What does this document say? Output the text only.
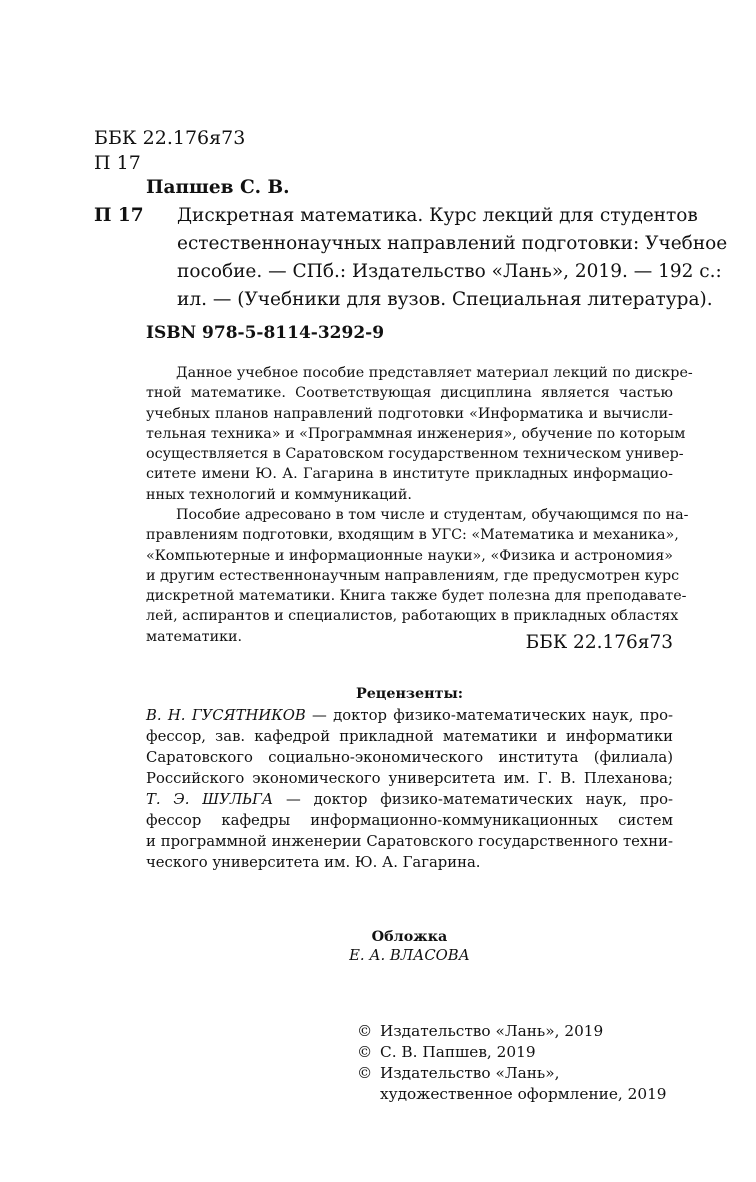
ББК 22.176я73
П 17
Папшев С. В.
П 17 Дискретная математика. Курс лекций для студентов
естественнонаучных направлений подготовки: Учебное
пособие. — СПб.: Издательство «Лань», 2019. — 192 с.:
ил. — (Учебники для вузов. Специальная литература).
ISBN 978-5-8114-3292-9
Данное учебное пособие представляет материал лекций по дискре-
тной математике. Соответствующая дисциплина является частью
учебных планов направлений подготовки «Информатика и вычисли-
тельная техника» и «Программная инженерия», обучение по которым
осуществляется в Саратовском государственном техническом универ-
ситете имени Ю. А. Гагарина в институте прикладных информацио-
нных технологий и коммуникаций.
Пособие адресовано в том числе и студентам, обучающимся по на-
правлениям подготовки, входящим в УГС: «Математика и механика»,
«Компьютерные и информационные науки», «Физика и астрономия»
и другим естественнонаучным направлениям, где предусмотрен курс
дискретной математики. Книга также будет полезна для преподавате-
лей, аспирантов и специалистов, работающих в прикладных областях
математики.	ББК 22.176я73
Рецензенты:
В. Н. ГУСЯТНИКОВ — доктор физико-математических наук, про-
фессор, зав. кафедрой прикладной математики и информатики
Саратовского социально-экономического института (филиала)
Российского экономического университета им. Г. В. Плеханова;
Т. Э. ШУЛЬГА — доктор физико-математических наук, про-
фессор кафедры информационно-коммуникационных систем
и программной инженерии Саратовского государственного техни-
ческого университета им. Ю. А. Гагарина.
Обложка
Е. А. ВЛАСОВА
© Издательство «Лань», 2019
© С. В. Папшев, 2019
© Издательство «Лань»,
художественное оформление, 2019
